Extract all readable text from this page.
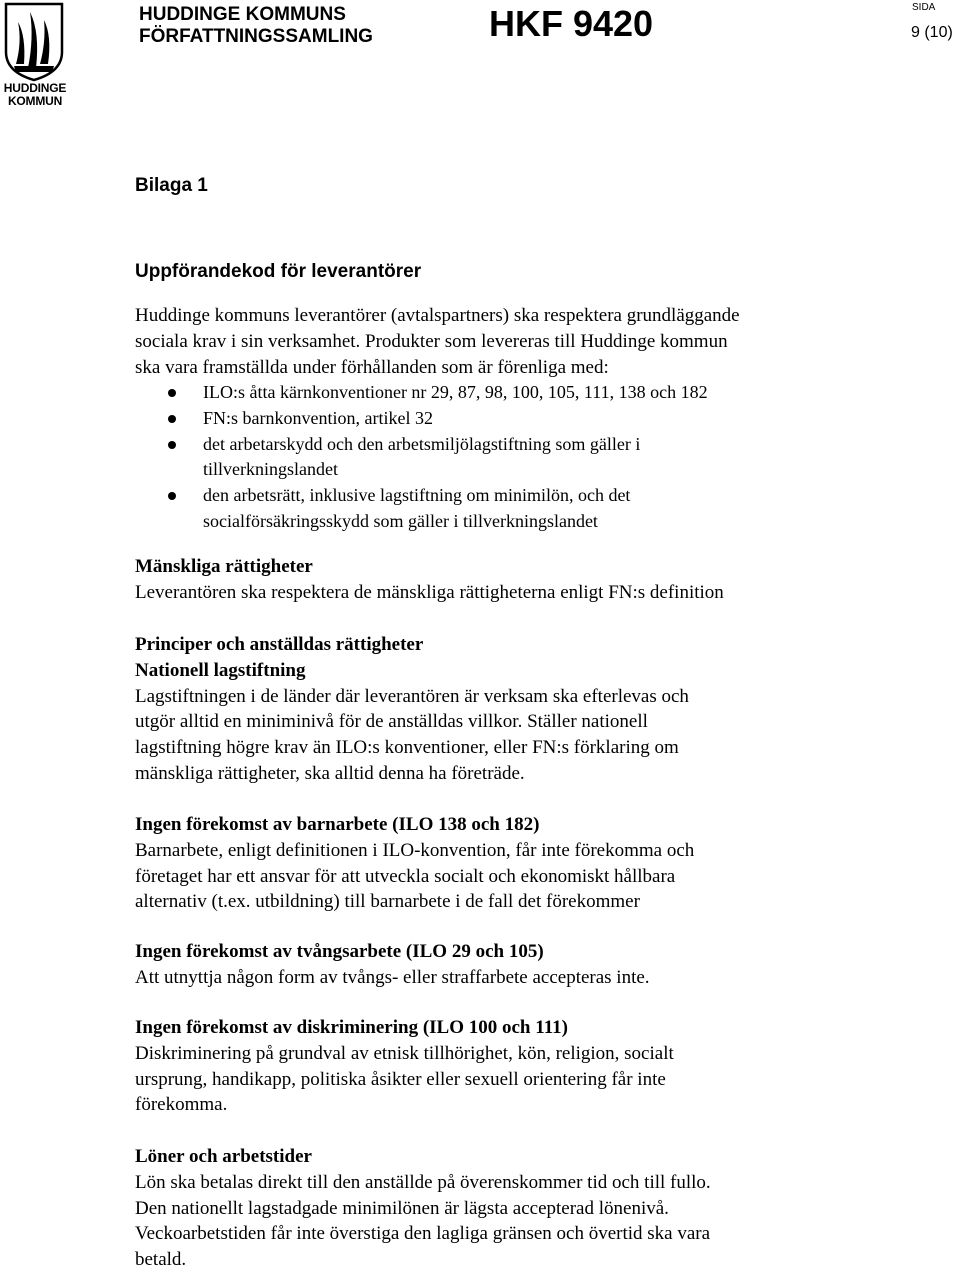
HUDDINGE
KOMMUN
HUDDINGE KOMMUNS
FÖRFATTNINGSSAMLING	HKF 9420	SIDA
9 (10)
Bilaga 1
Uppförandekod för leverantörer

Huddinge kommuns leverantörer (avtalspartners) ska respektera grundläggande
sociala krav i sin verksamhet. Produkter som levereras till Huddinge kommun
ska vara framställda under förhållanden som är förenliga med:

ILO:s åtta kärnkonventioner nr 29, 87, 98, 100, 105, 111, 138 och 182
FN:s barnkonvention, artikel 32
det arbetarskydd och den arbetsmiljölagstiftning som gäller i
tillverkningslandet
den arbetsrätt, inklusive lagstiftning om minimilön, och det
socialförsäkringsskydd som gäller i tillverkningslandet
Mänskliga rättigheter

Leverantören ska respektera de mänskliga rättigheterna enligt FN:s definition

Principer och anställdas rättigheter
Nationell lagstiftning

Lagstiftningen i de länder där leverantören är verksam ska efterlevas och
utgör alltid en miniminivå för de anställdas villkor. Ställer nationell
lagstiftning högre krav än ILO:s konventioner, eller FN:s förklaring om
mänskliga rättigheter, ska alltid denna ha företräde.

Ingen förekomst av barnarbete (ILO 138 och 182)

Barnarbete, enligt definitionen i ILO-konvention, får inte förekomma och
företaget har ett ansvar för att utveckla socialt och ekonomiskt hållbara
alternativ (t.ex. utbildning) till barnarbete i de fall det förekommer

Ingen förekomst av tvångsarbete (ILO 29 och 105)

Att utnyttja någon form av tvångs- eller straffarbete accepteras inte.

Ingen förekomst av diskriminering (ILO 100 och 111)

Diskriminering på grundval av etnisk tillhörighet, kön, religion, socialt
ursprung, handikapp, politiska åsikter eller sexuell orientering får inte
förekomma.

Löner och arbetstider

Lön ska betalas direkt till den anställde på överenskommer tid och till fullo.
Den nationellt lagstadgade minimilönen är lägsta accepterad lönenivå.
Veckoarbetstiden får inte överstiga den lagliga gränsen och övertid ska vara
betald.
